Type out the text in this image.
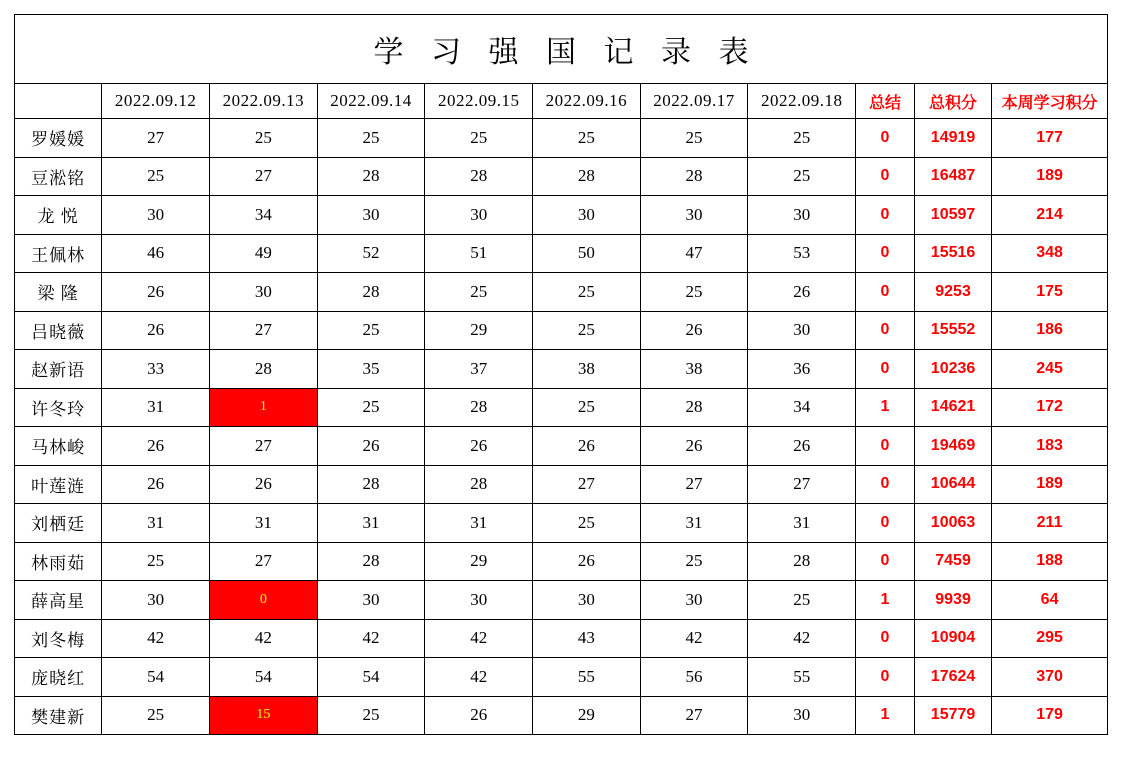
学 习 强 国 记 录 表										
	2022.09.12	2022.09.13	2022.09.14	2022.09.15	2022.09.16	2022.09.17	2022.09.18	总结	总积分	本周学习积分
罗媛媛	27	25	25	25	25	25	25	0	14919	177
豆淞铭	25	27	28	28	28	28	25	0	16487	189
龙 悦	30	34	30	30	30	30	30	0	10597	214
王佩林	46	49	52	51	50	47	53	0	15516	348
梁 隆	26	30	28	25	25	25	26	0	9253	175
吕晓薇	26	27	25	29	25	26	30	0	15552	186
赵新语	33	28	35	37	38	38	36	0	10236	245
许冬玲	31	1	25	28	25	28	34	1	14621	172
马林峻	26	27	26	26	26	26	26	0	19469	183
叶莲涟	26	26	28	28	27	27	27	0	10644	189
刘栖廷	31	31	31	31	25	31	31	0	10063	211
林雨茹	25	27	28	29	26	25	28	0	7459	188
薛高星	30	0	30	30	30	30	25	1	9939	64
刘冬梅	42	42	42	42	43	42	42	0	10904	295
庞晓红	54	54	54	42	55	56	55	0	17624	370
樊建新	25	15	25	26	29	27	30	1	15779	179
